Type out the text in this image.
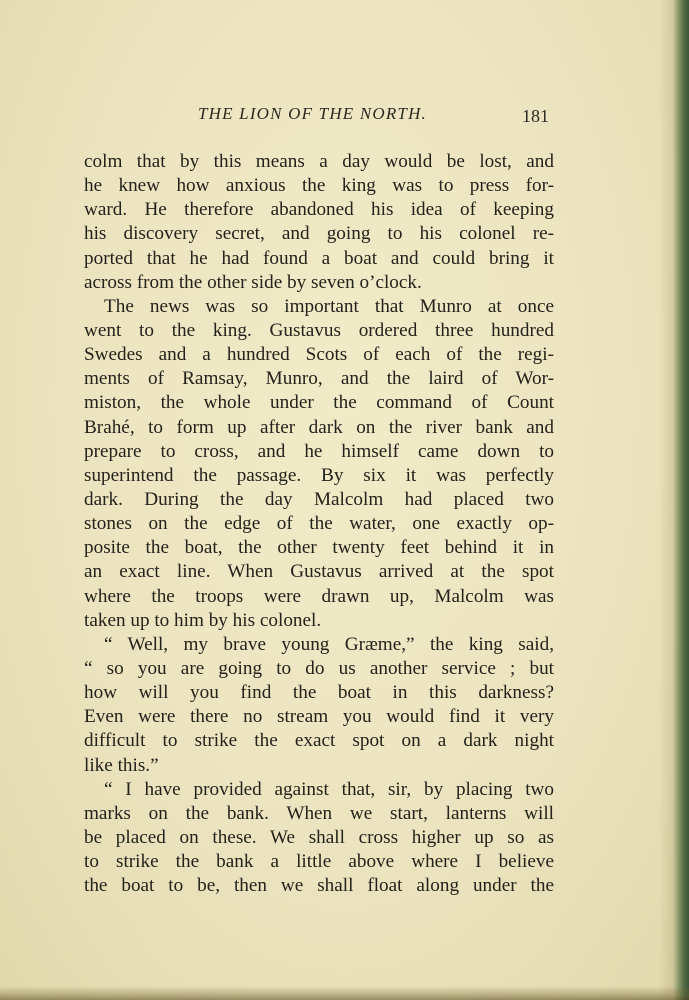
THE LION OF THE NORTH.	181
colm that by this means a day would be lost, and
he knew how anxious the king was to press for-
ward. He therefore abandoned his idea of keeping
his discovery secret, and going to his colonel re-
ported that he had found a boat and could bring it
across from the other side by seven o’clock.
The news was so important that Munro at once
went to the king. Gustavus ordered three hundred
Swedes and a hundred Scots of each of the regi-
ments of Ramsay, Munro, and the laird of Wor-
miston, the whole under the command of Count
Brahé, to form up after dark on the river bank and
prepare to cross, and he himself came down to
superintend the passage. By six it was perfectly
dark. During the day Malcolm had placed two
stones on the edge of the water, one exactly op-
posite the boat, the other twenty feet behind it in
an exact line. When Gustavus arrived at the spot
where the troops were drawn up, Malcolm was
taken up to him by his colonel.
“ Well, my brave young Græme,” the king said,
“ so you are going to do us another service ; but
how will you find the boat in this darkness?
Even were there no stream you would find it very
difficult to strike the exact spot on a dark night
like this.”
“ I have provided against that, sir, by placing two
marks on the bank. When we start, lanterns will
be placed on these. We shall cross higher up so as
to strike the bank a little above where I believe
the boat to be, then we shall float along under the
